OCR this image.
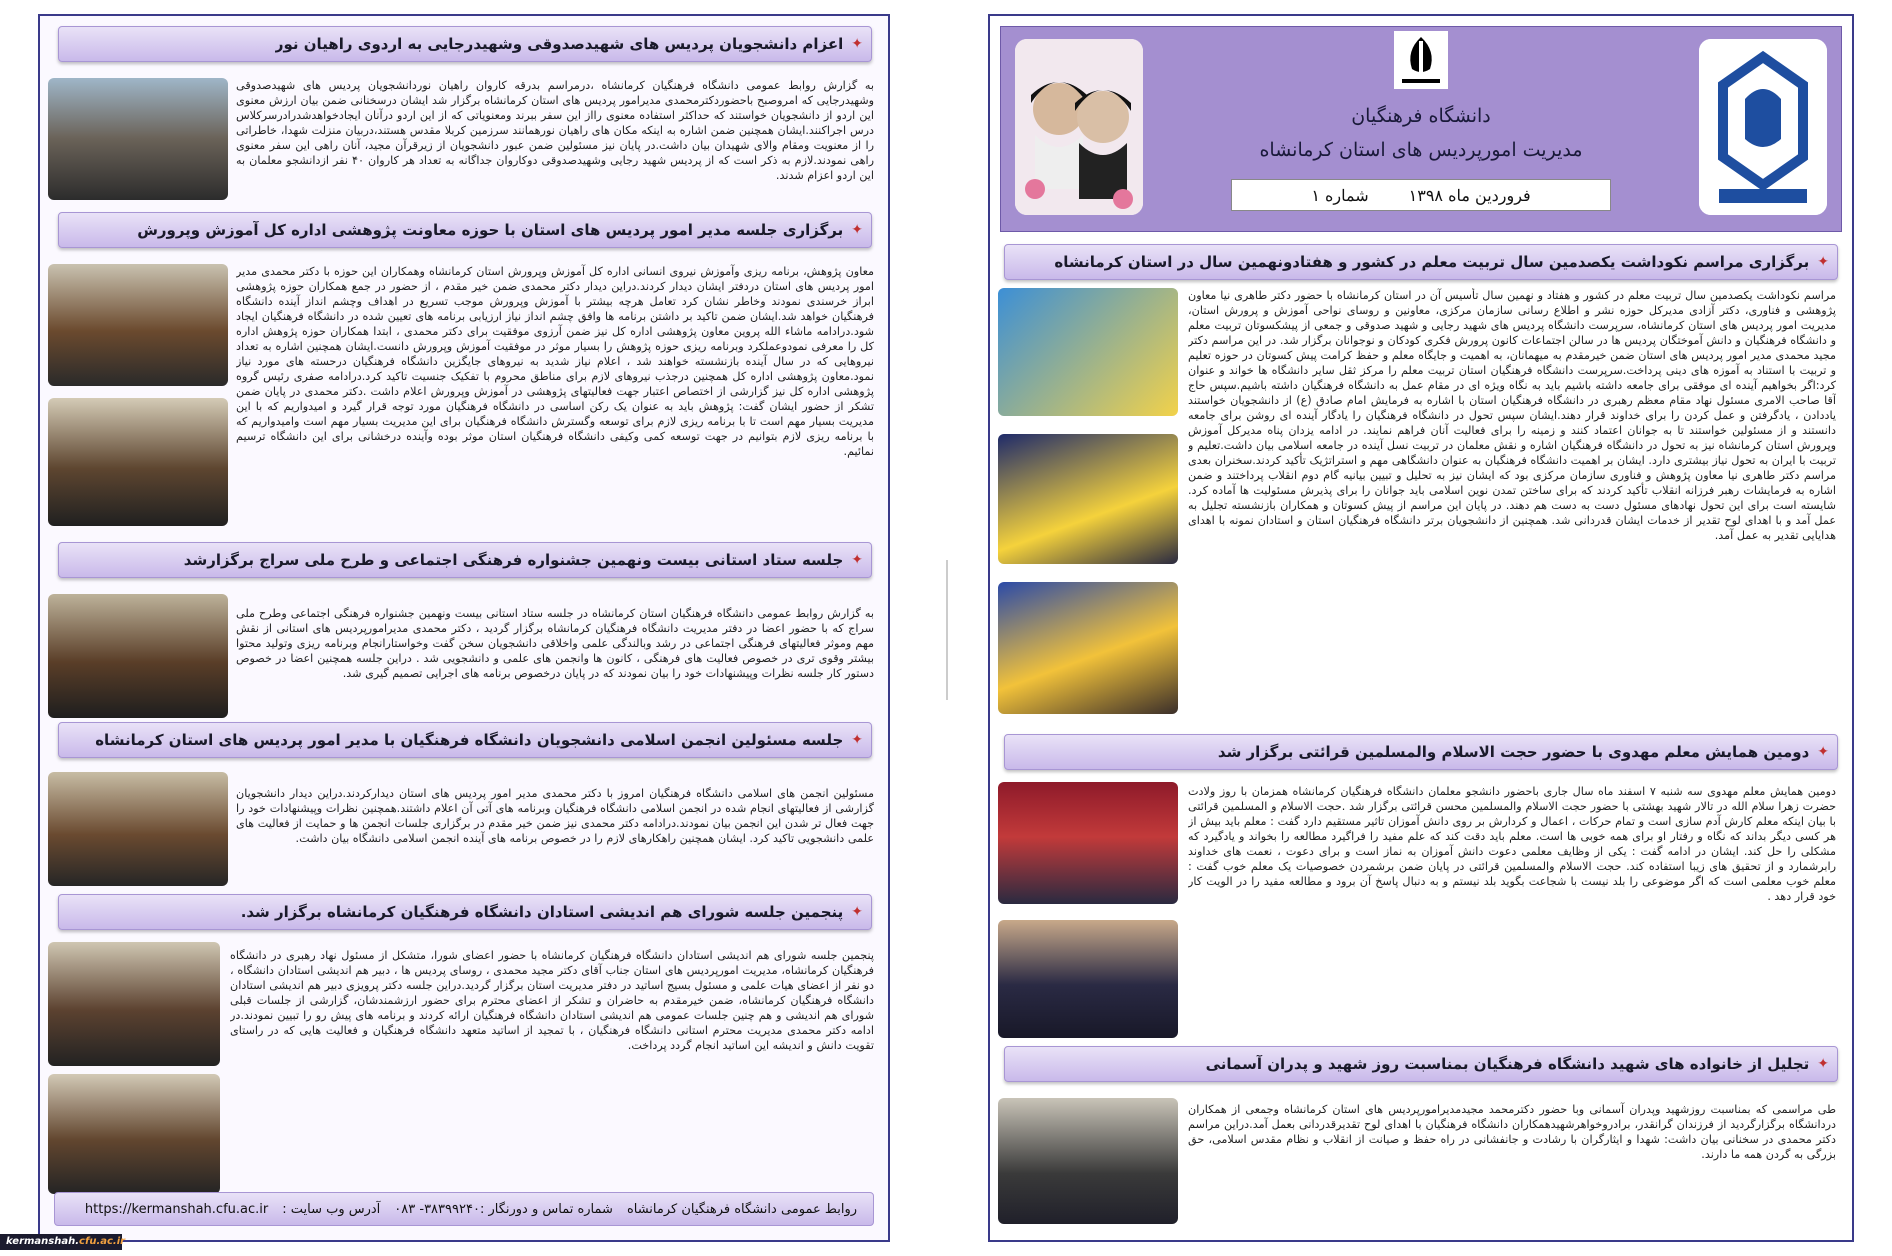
دانشگاه فرهنگیان
مدیریت امورپردیس های استان کرمانشاه
فروردین ماه ۱۳۹۸
شماره ۱
✦
برگزاری مراسم نکوداشت یکصدمین سال تربیت معلم در کشور و هفتادونهمین سال در استان کرمانشاه
مراسم نکوداشت یکصدمین سال تربیت معلم در کشور و هفتاد و نهمین سال تأسیس آن در استان کرمانشاه با حضور دکتر طاهری نیا معاون پژوهشی و فناوری، دکتر آزادی مدیرکل حوزه نشر و اطلاع رسانی سازمان مرکزی، معاونین و روسای نواحی آموزش و پرورش استان، مدیریت امور پردیس های استان کرمانشاه، سرپرست دانشگاه پردیس های شهید رجایی و شهید صدوقی و جمعی از پیشکسوتان تربیت معلم و دانشگاه فرهنگیان و دانش آموختگان پردیس ها در سالن اجتماعات کانون پرورش فکری کودکان و نوجوانان برگزار شد. در این مراسم دکتر مجید محمدی مدیر امور پردیس های استان ضمن خیرمقدم به میهمانان، به اهمیت و جایگاه معلم و حفظ کرامت پیش کسوتان در حوزه تعلیم و تربیت با استناد به آموزه های دینی پرداخت.سرپرست دانشگاه فرهنگیان استان تربیت معلم را مرکز ثقل سایر دانشگاه ها خواند و عنوان کرد:اگر بخواهیم آینده ای موفقی برای جامعه داشته باشیم باید به نگاه ویژه ای در مقام عمل به دانشگاه فرهنگیان داشته باشیم.سپس حاج آقا صاحب الامری مسئول نهاد مقام معظم رهبری در دانشگاه فرهنگیان استان با اشاره به فرمایش امام صادق (ع) از دانشجویان خواستند یاددادن ، یادگرفتن و عمل کردن را برای خداوند قرار دهند.ایشان سپس تحول در دانشگاه فرهنگیان را یادگار آینده ای روشن برای جامعه دانستند و از مسئولین خواستند تا به جوانان اعتماد کنند و زمینه را برای فعالیت آنان فراهم نمایند. در ادامه یزدان پناه مدیرکل آموزش وپرورش استان کرمانشاه نیز به تحول در دانشگاه فرهنگیان اشاره و نقش معلمان در تربیت نسل آینده در جامعه اسلامی بیان داشت.تعلیم و تربیت با ایران به تحول نیاز بیشتری دارد. ایشان بر اهمیت دانشگاه فرهنگیان به عنوان دانشگاهی مهم و استراتژیک تأکید کردند.سخنران بعدی مراسم دکتر طاهری نیا معاون پژوهش و فناوری سازمان مرکزی بود که ایشان نیز به تحلیل و تبیین بیانیه گام دوم انقلاب پرداختند و ضمن اشاره به فرمایشات رهبر فرزانه انقلاب تأکید کردند که برای ساختن تمدن نوین اسلامی باید جوانان را برای پذیرش مسئولیت ها آماده کرد. شایسته است برای این تحول نهادهای مسئول دست به دست هم دهند. در پایان این مراسم از پیش کسوتان و همکاران بازنشسته تجلیل به عمل آمد و با اهدای لوح تقدیر از خدمات ایشان قدردانی شد. همچنین از دانشجویان برتر دانشگاه فرهنگیان استان و استادان نمونه با اهدای هدایایی تقدیر به عمل آمد.
✦
دومین همایش معلم مهدوی با حضور حجت الاسلام والمسلمین قرائتی برگزار شد
دومین همایش معلم مهدوی سه شنبه ۷ اسفند ماه سال جاری باحضور دانشجو معلمان دانشگاه فرهنگیان کرمانشاه همزمان با روز ولادت حضرت زهرا سلام الله در تالار شهید بهشتی با حضور حجت الاسلام والمسلمین محسن قرائتی برگزار شد .حجت الاسلام و المسلمین قرائتی با بیان اینکه معلم کارش آدم سازی است و تمام حرکات ، اعمال و کردارش بر روی دانش آموزان تاثیر مستقیم دارد گفت : معلم باید بیش از هر کسی دیگر بداند که نگاه و رفتار او برای همه خوبی ها است. معلم باید دقت کند که علم مفید را فراگیرد مطالعه را بخواند و یادگیرد که مشکلی را حل کند. ایشان در ادامه گفت : یکی از وظایف معلمی دعوت دانش آموزان به نماز است و برای دعوت ، نعمت های خداوند رابرشمارد و از تحقیق های زیبا استفاده کند. حجت الاسلام والمسلمین قرائتی در پایان ضمن برشمردن خصوصیات یک معلم خوب گفت : معلم خوب معلمی است که اگر موضوعی را بلد نیست با شجاعت بگوید بلد نیستم و به دنبال پاسخ آن برود و مطالعه مفید را در الویت کار خود قرار دهد .
✦
تجلیل از خانواده های شهید دانشگاه فرهنگیان بمناسبت روز شهید و پدران آسمانی
طی مراسمی که بمناسبت روزشهید وپدران آسمانی وبا حضور دکترمحمد مجیدمدیرامورپردیس های استان کرمانشاه وجمعی از همکاران دردانشگاه برگزارگردید از فرزندان گرانقدر، برادروخواهرشهیدهمکاران دانشگاه فرهنگیان با اهدای لوح تقدیرقدردانی بعمل آمد.دراین مراسم دکتر محمدی در سخنانی بیان داشت: شهدا و ایثارگران با رشادت و جانفشانی در راه حفظ و صیانت از انقلاب و نظام مقدس اسلامی، حق بزرگی به گردن همه ما دارند.
✦
اعزام دانشجویان پردیس های شهیدصدوقی وشهیدرجایی به اردوی راهیان نور
به گزارش روابط عمومی دانشگاه فرهنگیان کرمانشاه ،درمراسم بدرقه کاروان راهیان نوردانشجویان پردیس های شهیدصدوقی وشهیدرجایی که امروصبح باحضوردکترمحمدی مدیرامور پردیس های استان کرمانشاه برگزار شد ایشان درسخنانی ضمن بیان ارزش معنوی این اردو از دانشجویان خواستند که حداکثر استفاده معنوی رااز این سفر ببرند ومعنویاتی که از این اردو درآنان ایجادخواهدشدرادرسرکلاس درس اجراکنند.ایشان همچنین ضمن اشاره به اینکه مکان های راهیان نورهمانند سرزمین کربلا مقدس هستند،دربیان منزلت شهدا، خاطراتی را از معنویت ومقام والای شهیدان بیان داشت.در پایان نیز مسئولین ضمن عبور دانشجویان از زیرقرآن مجید، آنان راهی این سفر معنوی راهی نمودند.لازم به ذکر است که از پردیس شهید رجایی وشهیدصدوقی دوکاروان جداگانه به تعداد هر کاروان ۴۰ نفر ازدانشجو معلمان به این اردو اعزام شدند.
✦
برگزاری جلسه مدیر امور پردیس های استان با حوزه معاونت پژوهشی اداره کل آموزش وپرورش
معاون پژوهش، برنامه ریزی وآموزش نیروی انسانی اداره کل آموزش وپرورش استان کرمانشاه وهمکاران این حوزه با دکتر محمدی مدیر امور پردیس های استان دردفتر ایشان دیدار کردند.دراین دیدار دکتر محمدی ضمن خیر مقدم ، از حضور در جمع همکاران حوزه پژوهشی ابراز خرسندی نمودند وخاطر نشان کرد تعامل هرچه بیشتر با آموزش وپرورش موجب تسریع در اهداف وچشم انداز آینده دانشگاه فرهنگیان خواهد شد.ایشان ضمن تاکید بر داشتن برنامه ها وافق چشم انداز نیاز ارزیابی برنامه های تعیین شده در دانشگاه فرهنگیان ایجاد شود.درادامه ماشاء الله پروین معاون پژوهشی اداره کل نیز ضمن آرزوی موفقیت برای دکتر محمدی ، ابتدا همکاران حوزه پژوهش اداره کل را معرفی نمودوعملکرد وبرنامه ریزی حوزه پژوهش را بسیار موثر در موفقیت آموزش وپرورش دانست.ایشان همچنین اشاره به تعداد نیروهایی که در سال آینده بازنشسته خواهند شد ، اعلام نیاز شدید به نیروهای جایگزین دانشگاه فرهنگیان درحسته های مورد نیاز نمود.معاون پژوهشی اداره کل همچنین درجذب نیروهای لازم برای مناطق محروم با تفکیک جنسیت تاکید کرد.درادامه صفری رئیس گروه پژوهشی اداره کل نیز گزارشی از اختصاص اعتبار جهت فعالیتهای پژوهشی در آموزش وپرورش اعلام داشت .دکتر محمدی در پایان ضمن تشکر از حضور ایشان گفت: پژوهش باید به عنوان یک رکن اساسی در دانشگاه فرهنگیان مورد توجه قرار گیرد و امیدواریم که با این مدیریت بسیار مهم است تا با برنامه ریزی لازم برای توسعه وگسترش دانشگاه فرهنگیان برای این مدیریت بسیار مهم است وامیدواریم که با برنامه ریزی لازم بتوانیم در جهت توسعه کمی وکیفی دانشگاه فرهنگیان استان موثر بوده وآینده درخشانی برای این دانشگاه ترسیم نمائیم.
✦
جلسه ستاد استانی بیست ونهمین جشنواره فرهنگی اجتماعی و طرح ملی سراج برگزارشد
به گزارش روابط عمومی دانشگاه فرهنگیان استان کرمانشاه در جلسه ستاد استانی بیست ونهمین جشنواره فرهنگی اجتماعی وطرح ملی سراج که با حضور اعضا در دفتر مدیریت دانشگاه فرهنگیان کرمانشاه برگزار گردید ، دکتر محمدی مدیرامورپردیس های استانی از نقش مهم وموثر فعالیتهای فرهنگی اجتماعی در رشد وبالندگی علمی واخلاقی دانشجویان سخن گفت وخواستارانجام وبرنامه ریزی وتولید محتوا بیشتر وقوی تری در خصوص فعالیت های فرهنگی ، کانون ها وانجمن های علمی و دانشجویی شد . دراین جلسه همچنین اعضا در خصوص دستور کار جلسه نظرات وپیشنهادات خود را بیان نمودند که در پایان درخصوص برنامه های اجرایی تصمیم گیری شد.
✦
جلسه مسئولین انجمن اسلامی دانشجویان دانشگاه فرهنگیان با مدیر امور پردیس های استان کرمانشاه
مسئولین انجمن های اسلامی دانشگاه فرهنگیان امروز با دکتر محمدی مدیر امور پردیس های استان دیدارکردند.دراین دیدار دانشجویان گزارشی از فعالیتهای انجام شده در انجمن اسلامی دانشگاه فرهنگیان وبرنامه های آتی آن اعلام داشتند.همچنین نظرات وپیشنهادات خود را جهت فعال تر شدن این انجمن بیان نمودند.درادامه دکتر محمدی نیز ضمن خیر مقدم در برگزاری جلسات انجمن ها و حمایت از فعالیت های علمی دانشجویی تاکید کرد. ایشان همچنین راهکارهای لازم را در خصوص برنامه های آینده انجمن اسلامی دانشگاه بیان داشت.
✦
پنجمین جلسه شورای هم اندیشی استادان دانشگاه فرهنگیان کرمانشاه برگزار شد.
پنجمین جلسه شورای هم اندیشی استادان دانشگاه فرهنگیان کرمانشاه با حضور اعضای شورا، متشکل از مسئول نهاد رهبری در دانشگاه فرهنگیان کرمانشاه، مدیریت امورپردیس های استان جناب آقای دکتر مجید محمدی ، روسای پردیس ها ، دبیر هم اندیشی استادان دانشگاه ، دو نفر از اعضای هیات علمی و مسئول بسیج اساتید در دفتر مدیریت استان برگزار گردید.دراین جلسه دکتر پرویزی دبیر هم اندیشی استادان دانشگاه فرهنگیان کرمانشاه، ضمن خیرمقدم به حاضران و تشکر از اعضای محترم برای حضور ارزشمندشان، گزارشی از جلسات قبلی شورای هم اندیشی و هم چنین جلسات عمومی هم اندیشی استادان دانشگاه فرهنگیان ارائه کردند و برنامه های پیش رو را تبیین نمودند.در ادامه دکتر محمدی مدیریت محترم استانی دانشگاه فرهنگیان ، با تمجید از اساتید متعهد دانشگاه فرهنگیان و فعالیت هایی که در راستای تقویت دانش و اندیشه این اساتید انجام گردد پرداخت.
روابط عمومی دانشگاه فرهنگیان کرمانشاه
شماره تماس و دورنگار :۳۸۳۹۹۲۴۰- ۰۸۳
آدرس وب سایت :
https://kermanshah.cfu.ac.ir
kermanshah.cfu.ac.ir
